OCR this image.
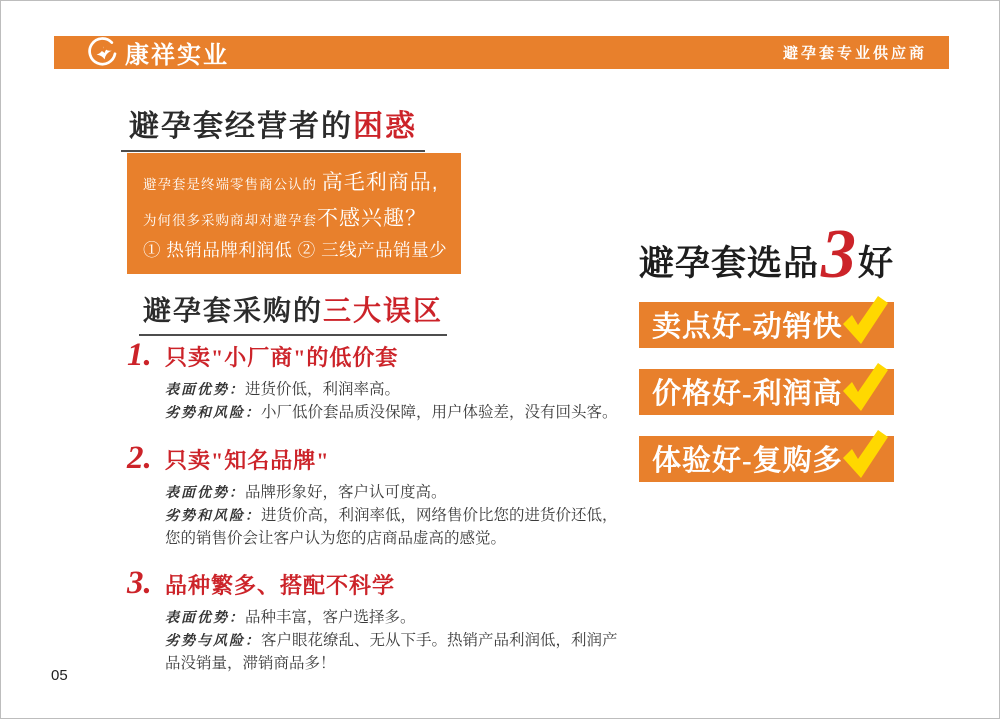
康祥实业	避孕套专业供应商
避孕套经营者的困惑
避孕套是终端零售商公认的 高毛利商品,
为何很多采购商却对避孕套不感兴趣？
① 热销品牌利润低 ② 三线产品销量少
避孕套采购的三大误区
1. 只卖"小厂商"的低价套
表面优势：进货价低，利润率高。
劣势和风险：小厂低价套品质没保障，用户体验差，没有回头客。
2. 只卖"知名品牌"
表面优势：品牌形象好，客户认可度高。
劣势和风险：进货价高，利润率低，网络售价比您的进货价还低，您的销售价会让客户认为您的店商品虚高的感觉。
3. 品种繁多、搭配不科学
表面优势：品种丰富，客户选择多。
劣势与风险：客户眼花缭乱、无从下手。热销产品利润低，利润产品没销量，滞销商品多！
避孕套选品 3 好
卖点好-动销快
价格好-利润高
体验好-复购多
05
